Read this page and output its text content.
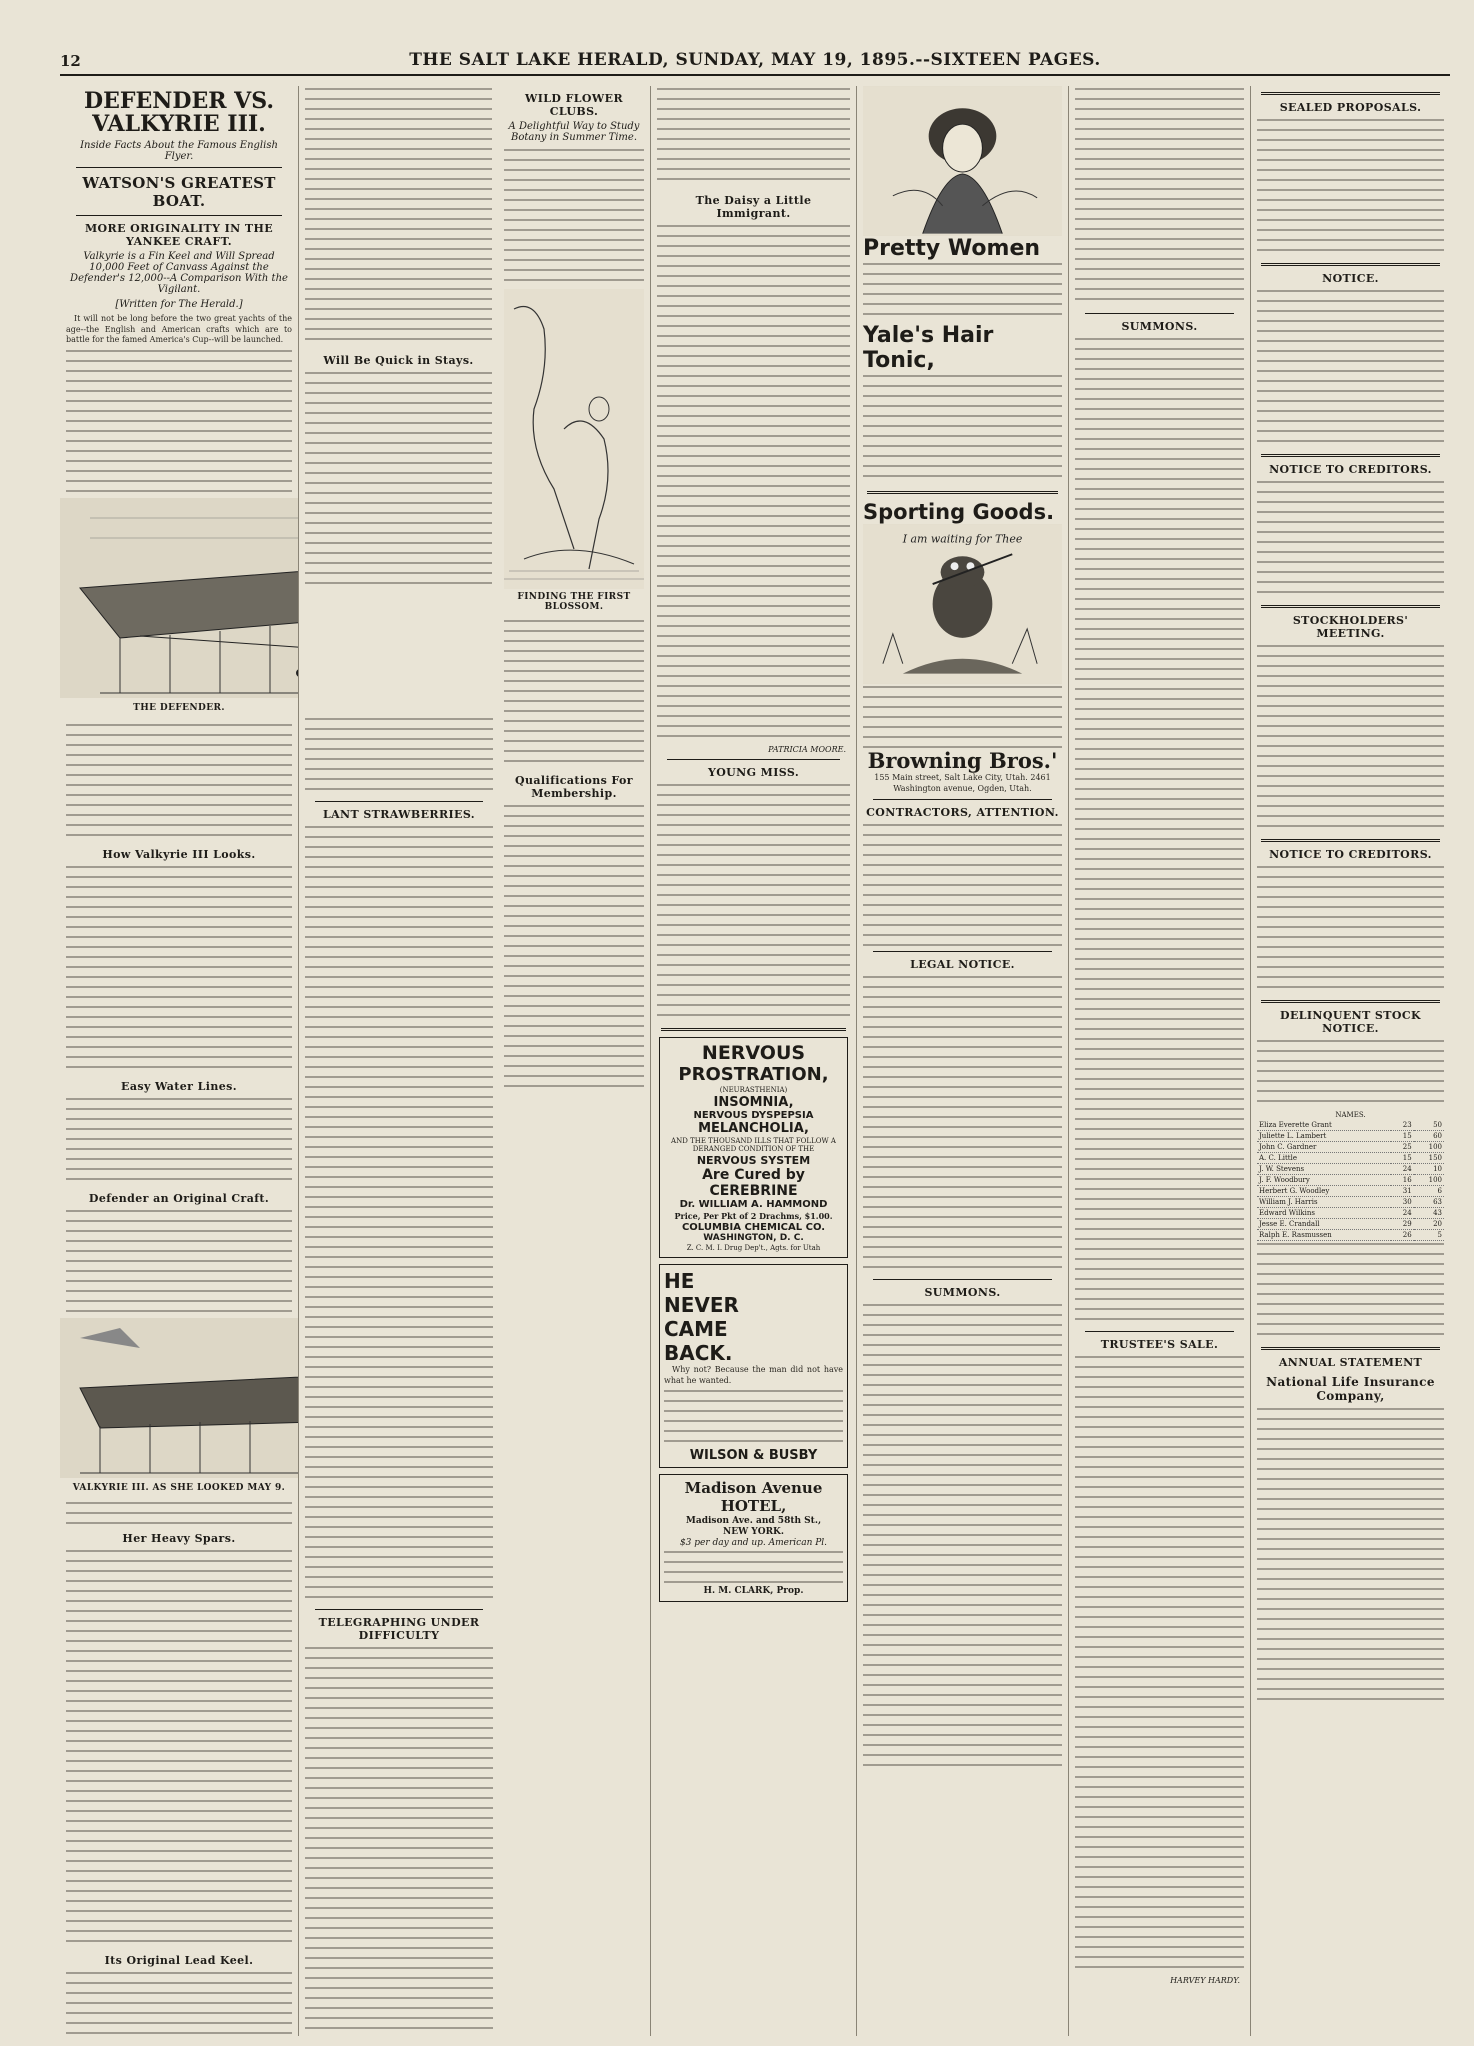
12	THE SALT LAKE HERALD, SUNDAY, MAY 19, 1895.--SIXTEEN PAGES.
DEFENDER VS. VALKYRIE III.
Inside Facts About the Famous English Flyer.
WATSON'S GREATEST BOAT.
MORE ORIGINALITY IN THE YANKEE CRAFT.
Valkyrie is a Fin Keel and Will Spread 10,000 Feet of Canvass Against the Defender's 12,000--A Comparison With the Vigilant.
[Written for The Herald.]

It will not be long before the two great yachts of the age--the English and American crafts which are to battle for the famed America's Cup--will be launched.

THE DEFENDER.
How Valkyrie III Looks.
Easy Water Lines.
Defender an Original Craft.
VALKYRIE III. AS SHE LOOKED MAY 9.
Her Heavy Spars.
Its Original Lead Keel.
Will Be Quick in Stays.
LANT STRAWBERRIES.
TELEGRAPHING UNDER DIFFICULTY
WILD FLOWER CLUBS.
A Delightful Way to Study Botany in Summer Time.
FINDING THE FIRST BLOSSOM.
Qualifications For Membership.
The Daisy a Little Immigrant.
PATRICIA MOORE.
YOUNG MISS.
NERVOUS
PROSTRATION,
(NEURASTHENIA)
INSOMNIA,
NERVOUS DYSPEPSIA
MELANCHOLIA,
AND THE THOUSAND ILLS THAT FOLLOW A DERANGED CONDITION OF THE
NERVOUS SYSTEM
Are Cured by CEREBRINE
Dr. WILLIAM A. HAMMOND
Price, Per Pkt of 2 Drachms, $1.00.
COLUMBIA CHEMICAL CO.
WASHINGTON, D. C.
Z. C. M. I. Drug Dep't., Agts. for Utah
HE
NEVER
CAME
BACK.

Why not? Because the man did not have what he wanted.

WILSON & BUSBY
Madison Avenue
HOTEL,
Madison Ave. and 58th St.,
NEW YORK.
$3 per day and up. American Pl.
H. M. CLARK, Prop.
Pretty Women
Yale's Hair Tonic,
Sporting Goods.
I am waiting for Thee
Browning Bros.'

155 Main street, Salt Lake City, Utah. 2461 Washington avenue, Ogden, Utah.

CONTRACTORS, ATTENTION.
LEGAL NOTICE.
SUMMONS.
SUMMONS.
TRUSTEE'S SALE.
HARVEY HARDY.
SEALED PROPOSALS.
NOTICE.
NOTICE TO CREDITORS.
STOCKHOLDERS' MEETING.
NOTICE TO CREDITORS.
DELINQUENT STOCK NOTICE.
NAMES.
Eliza Everette Grant	23	50
Juliette L. Lambert	15	60
John C. Gardner	25	100
A. C. Little	15	150
J. W. Stevens	24	10
J. F. Woodbury	16	100
Herbert G. Woodley	31	6
William J. Harris	30	63
Edward Wilkins	24	43
Jesse E. Crandall	29	20
Ralph E. Rasmussen	26	5
ANNUAL STATEMENT
National Life Insurance Company,
